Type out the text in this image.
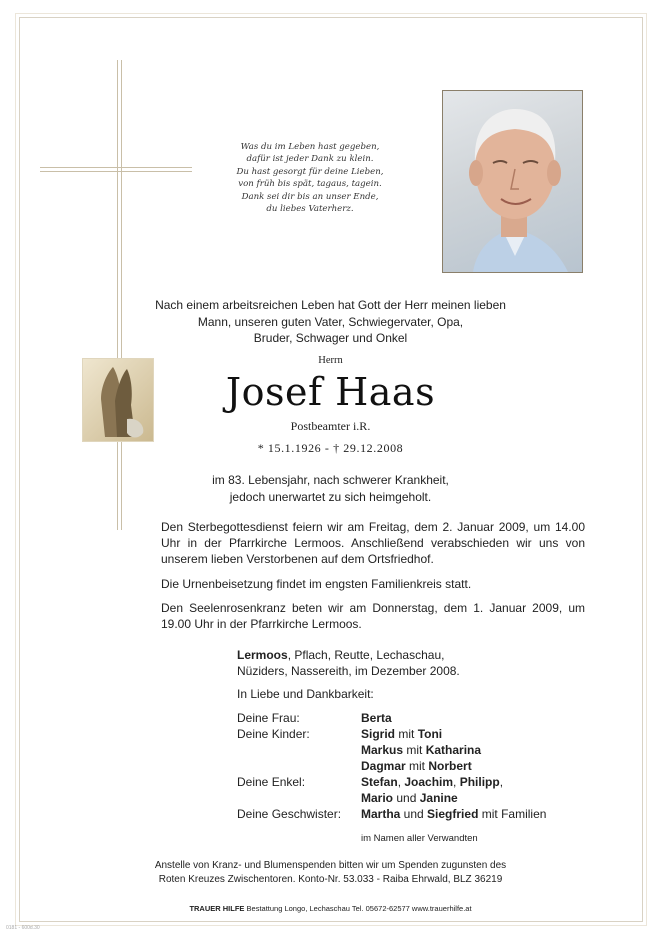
Was du im Leben hast gegeben,
dafür ist jeder Dank zu klein.
Du hast gesorgt für deine Lieben,
von früh bis spät, tagaus, tagein.
Dank sei dir bis an unser Ende,
du liebes Vaterherz.
Nach einem arbeitsreichen Leben hat Gott der Herr meinen lieben
Mann, unseren guten Vater, Schwiegervater, Opa,
Bruder, Schwager und Onkel
Herrn
Josef Haas
Postbeamter i.R.
* 15.1.1926 - † 29.12.2008
im 83. Lebensjahr, nach schwerer Krankheit,
jedoch unerwartet zu sich heimgeholt.

Den Sterbegottesdienst feiern wir am Freitag, dem 2. Januar 2009, um 14.00 Uhr in der Pfarrkirche Lermoos. Anschließend verabschieden wir uns von unserem lieben Verstorbenen auf dem Ortsfriedhof.

Die Urnenbeisetzung findet im engsten Familienkreis statt.

Den Seelenrosenkranz beten wir am Donnerstag, dem 1. Januar 2009, um 19.00 Uhr in der Pfarrkirche Lermoos.

Lermoos, Pflach, Reutte, Lechaschau,
Nüziders, Nassereith, im Dezember 2008.
In Liebe und Dankbarkeit:
Deine Frau:	Berta
Deine Kinder:	Sigrid mit Toni
Markus mit Katharina
Dagmar mit Norbert
Deine Enkel:	Stefan, Joachim, Philipp,
Mario und Janine
Deine Geschwister: Martha und Siegfried mit Familien
im Namen aller Verwandten
Anstelle von Kranz- und Blumenspenden bitten wir um Spenden zugunsten des
Roten Kreuzes Zwischentoren. Konto-Nr. 53.033 - Raiba Ehrwald, BLZ 36219
TRAUER HILFE Bestattung Longo, Lechaschau Tel. 05672-62577 www.trauerhilfe.at
0181 - 600d.30
